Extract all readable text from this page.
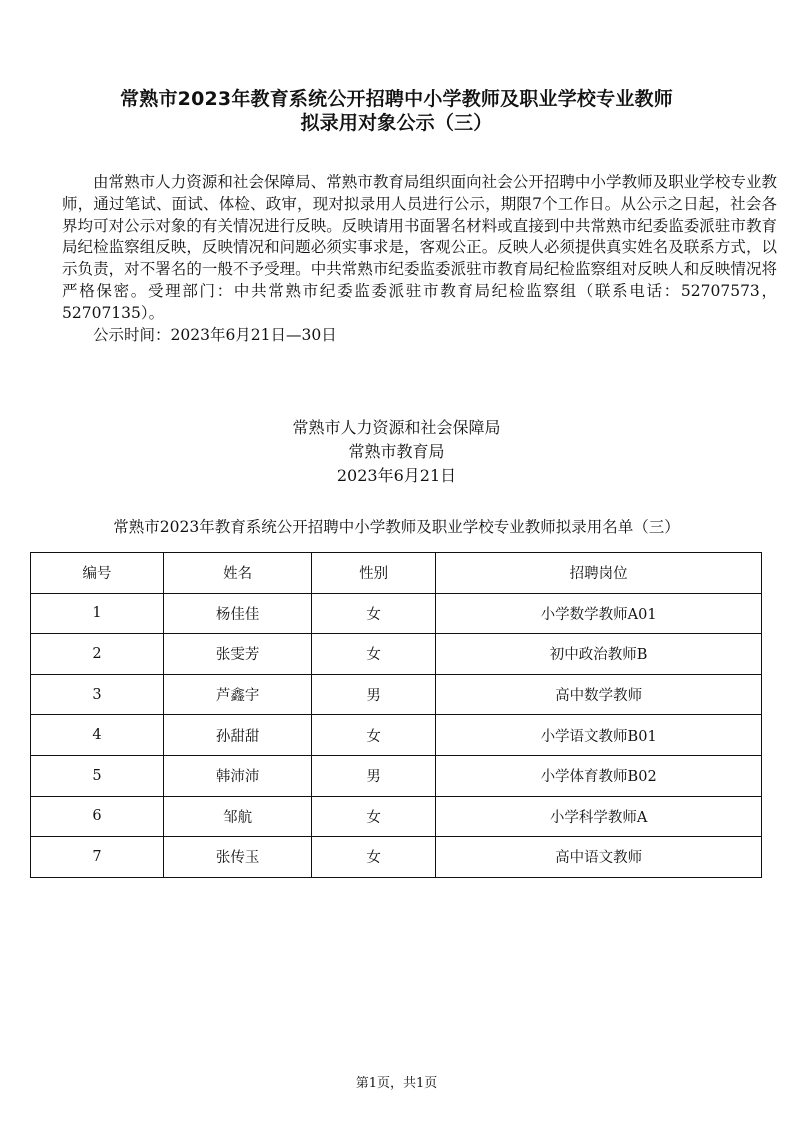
常熟市2023年教育系统公开招聘中小学教师及职业学校专业教师
拟录用对象公示（三）

由常熟市人力资源和社会保障局、常熟市教育局组织面向社会公开招聘中小学教师及职业学校专业教师，通过笔试、面试、体检、政审，现对拟录用人员进行公示，期限7个工作日。从公示之日起，社会各界均可对公示对象的有关情况进行反映。反映请用书面署名材料或直接到中共常熟市纪委监委派驻市教育局纪检监察组反映，反映情况和问题必须实事求是，客观公正。反映人必须提供真实姓名及联系方式，以示负责，对不署名的一般不予受理。中共常熟市纪委监委派驻市教育局纪检监察组对反映人和反映情况将严格保密。受理部门：中共常熟市纪委监委派驻市教育局纪检监察组（联系电话：52707573，52707135）。

公示时间：2023年6月21日—30日

常熟市人力资源和社会保障局
常熟市教育局
2023年6月21日
常熟市2023年教育系统公开招聘中小学教师及职业学校专业教师拟录用名单（三）
编号	姓名	性别	招聘岗位
1	杨佳佳	女	小学数学教师A01
2	张雯芳	女	初中政治教师B
3	芦鑫宇	男	高中数学教师
4	孙甜甜	女	小学语文教师B01
5	韩沛沛	男	小学体育教师B02
6	邹航	女	小学科学教师A
7	张传玉	女	高中语文教师
第1页，共1页
